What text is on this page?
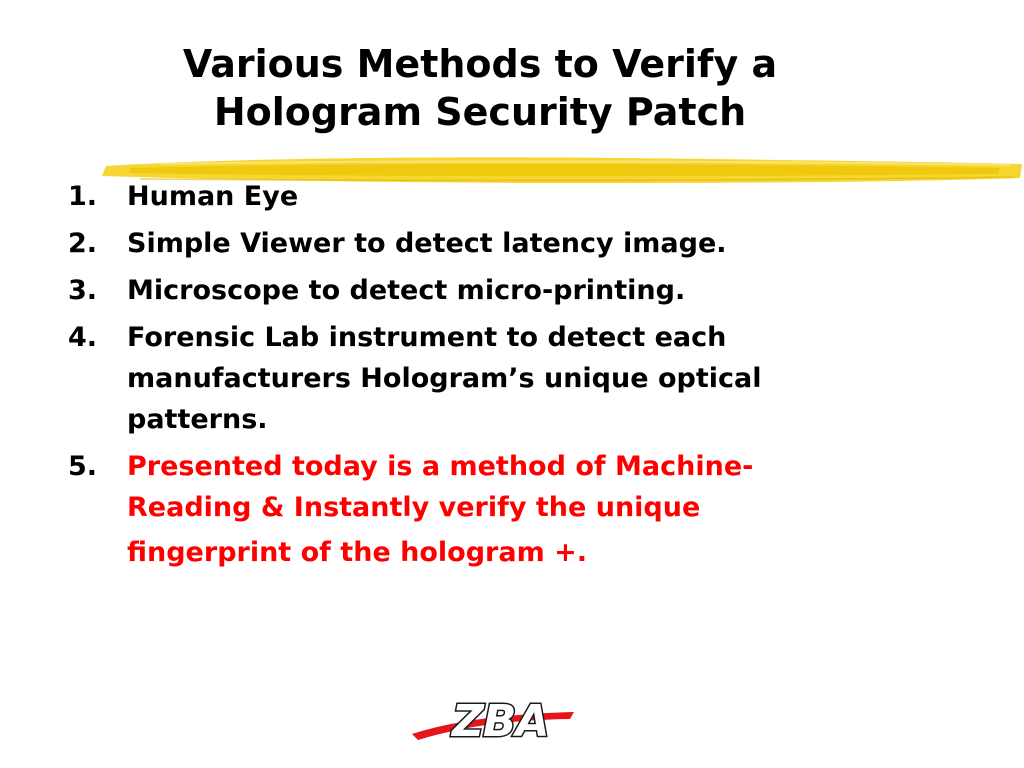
Various Methods to Verify a
Hologram Security Patch
1. Human Eye
2. Simple Viewer to detect latency image.
3. Microscope to detect micro-printing.
4. Forensic Lab instrument to detect each
manufacturers Hologram’s unique optical
patterns.
5. Presented today is a method of Machine-
Reading & Instantly verify the unique
fingerprint of the hologram +.
ZBA
